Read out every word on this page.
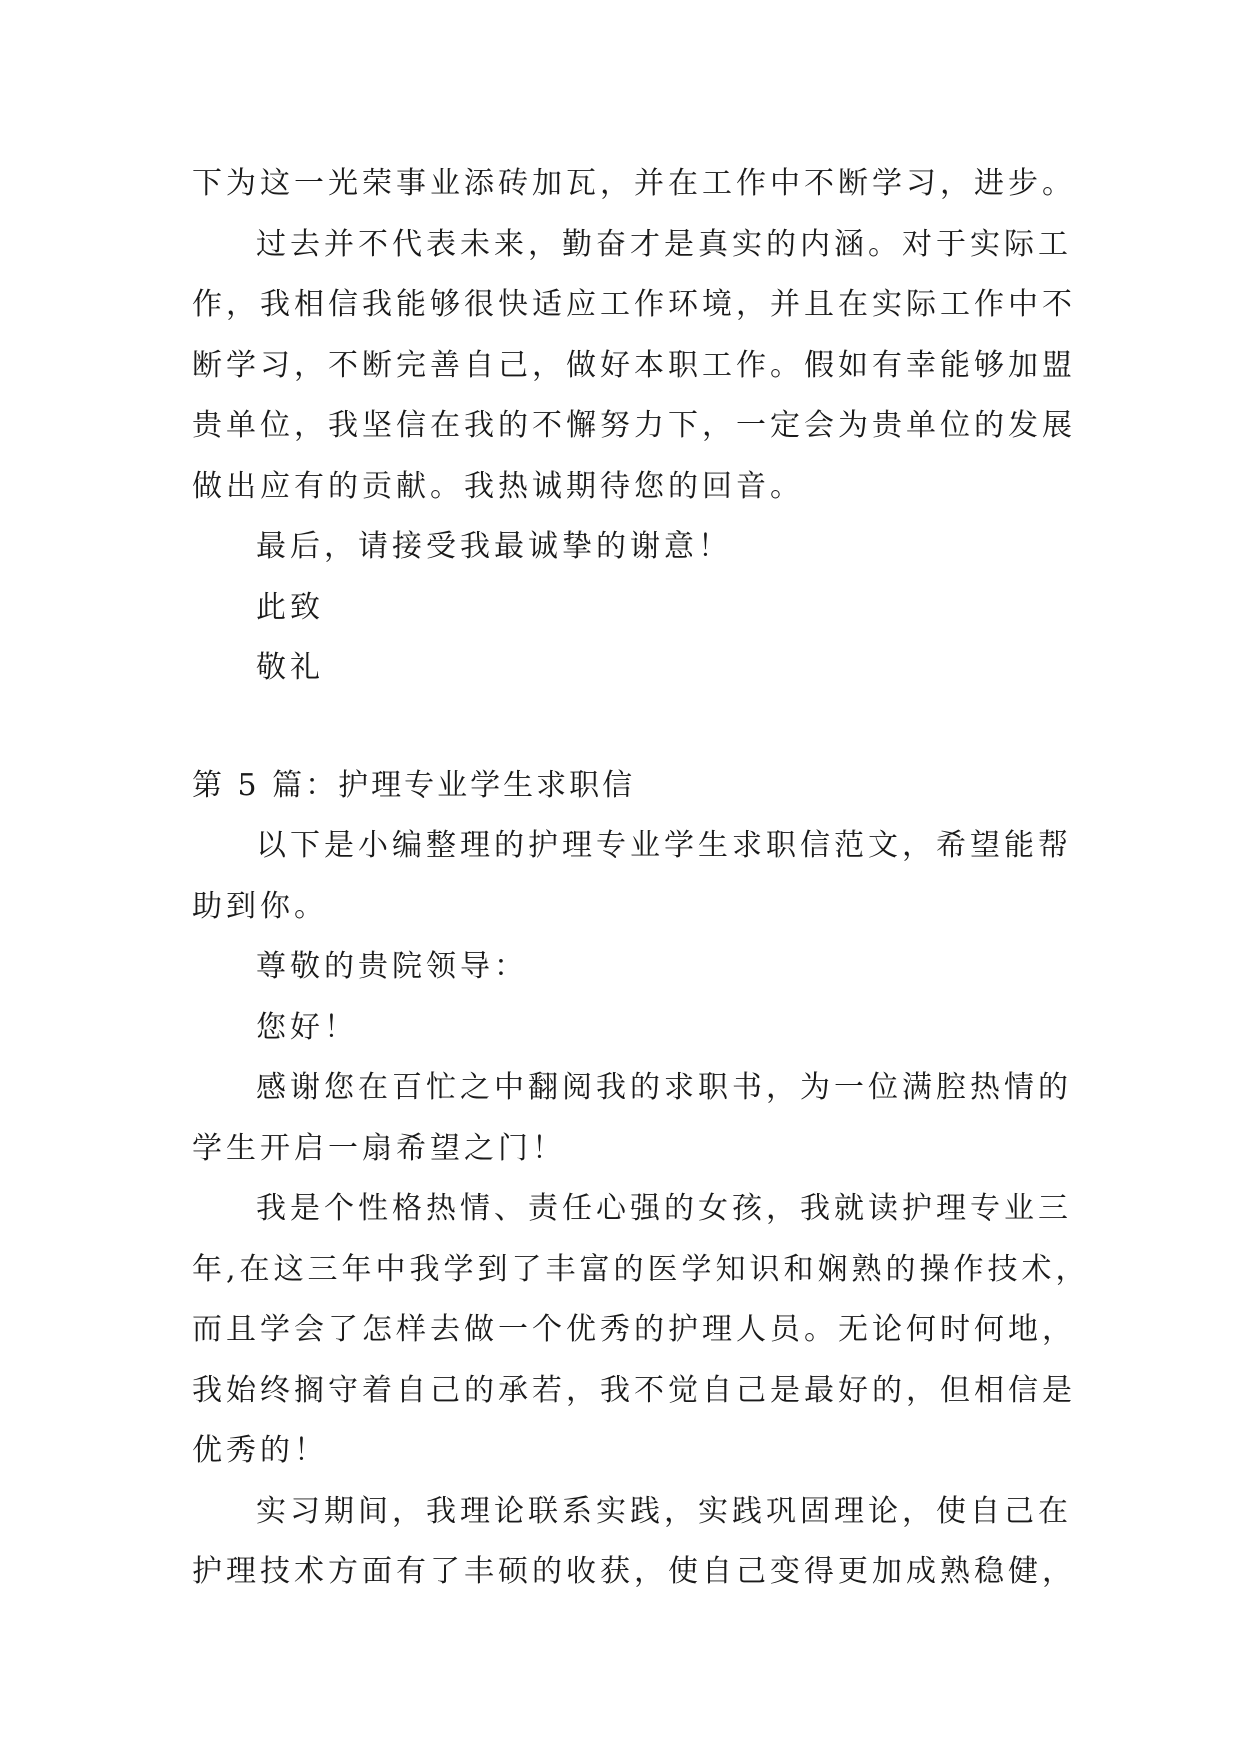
下为这一光荣事业添砖加瓦，并在工作中不断学习，进步。
过去并不代表未来，勤奋才是真实的内涵。对于实际工
作，我相信我能够很快适应工作环境，并且在实际工作中不
断学习，不断完善自己，做好本职工作。假如有幸能够加盟
贵单位，我坚信在我的不懈努力下，一定会为贵单位的发展
做出应有的贡献。我热诚期待您的回音。
最后，请接受我最诚挚的谢意！
此致
敬礼
第 5 篇：护理专业学生求职信
以下是小编整理的护理专业学生求职信范文，希望能帮
助到你。
尊敬的贵院领导：
您好！
感谢您在百忙之中翻阅我的求职书，为一位满腔热情的
学生开启一扇希望之门！
我是个性格热情、责任心强的女孩，我就读护理专业三
年,在这三年中我学到了丰富的医学知识和娴熟的操作技术，
而且学会了怎样去做一个优秀的护理人员。无论何时何地，
我始终搁守着自己的承若，我不觉自己是最好的，但相信是
优秀的！
实习期间，我理论联系实践，实践巩固理论，使自己在
护理技术方面有了丰硕的收获，使自己变得更加成熟稳健，
